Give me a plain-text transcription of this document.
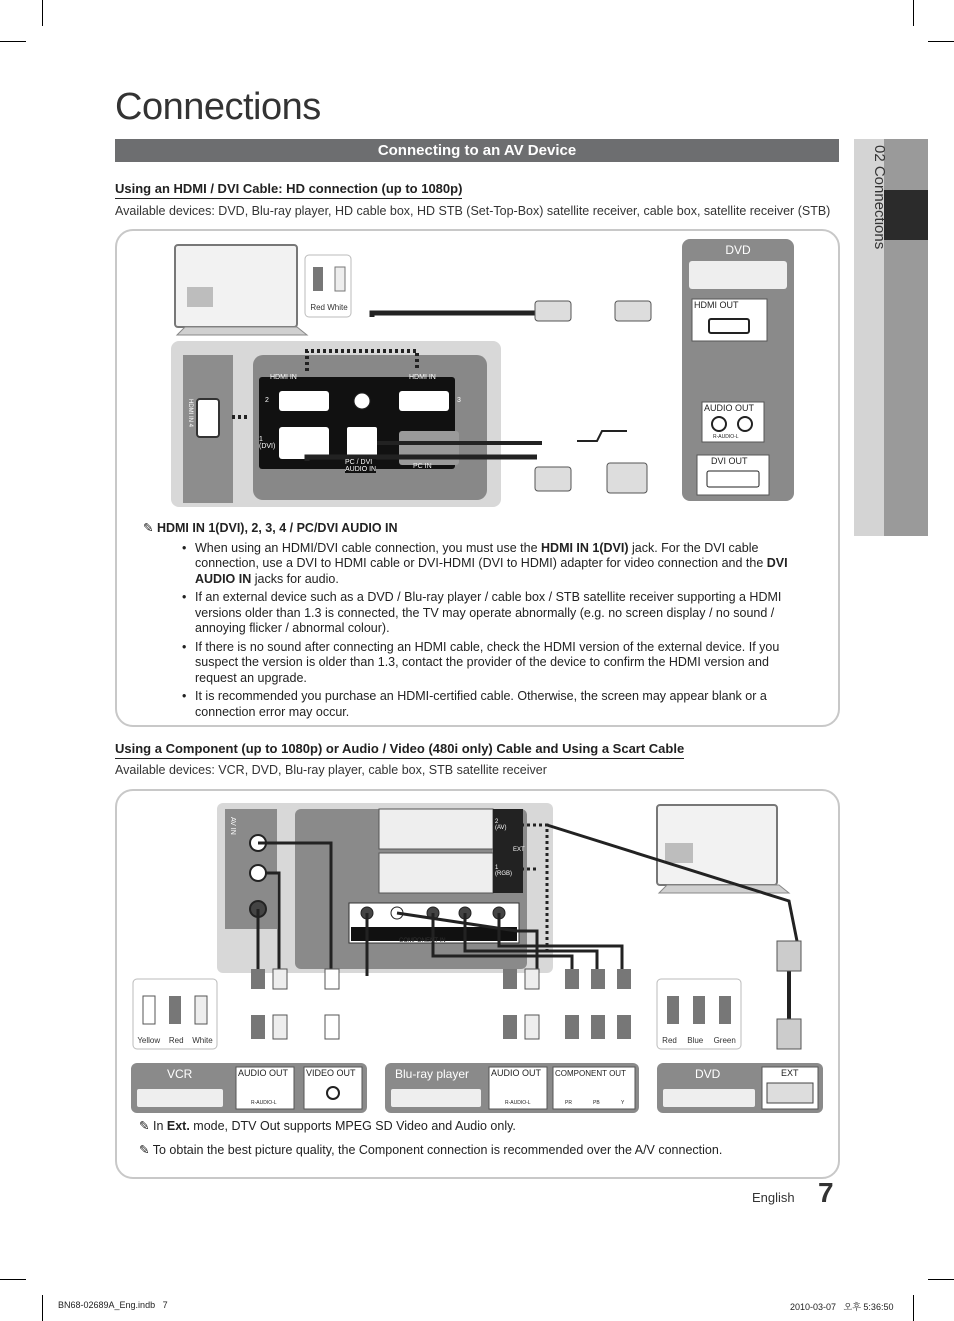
Connections
Connecting to an AV Device	02 Connections
Using an HDMI / DVI Cable: HD connection (up to 1080p)
Available devices: DVD, Blu-ray player, HD cable box, HD STB (Set-Top-Box) satellite receiver, cable box, satellite receiver (STB)
Red White
HDMI IN	HDMI IN
2	3
1
(DVI)
PC / DVI
AUDIO IN	PC IN
HDMI IN 4
DVD
HDMI OUT
AUDIO OUT
R-AUDIO-L
DVI OUT
✎ HDMI IN 1(DVI), 2, 3, 4 / PC/DVI AUDIO IN
• When using an HDMI/DVI cable connection, you must use the HDMI IN 1(DVI) jack. For the DVI cable connection, use a DVI to HDMI cable or DVI-HDMI (DVI to HDMI) adapter for video connection and the DVI AUDIO IN jacks for audio.
• If an external device such as a DVD / Blu-ray player / cable box / STB satellite receiver supporting a HDMI versions older than 1.3 is connected, the TV may operate abnormally (e.g. no screen display / no sound / annoying flicker / abnormal colour).
• If there is no sound after connecting an HDMI cable, check the HDMI version of the external device. If you suspect the version is older than 1.3, contact the provider of the device to confirm the HDMI version and request an upgrade.
• It is recommended you purchase an HDMI-certified cable. Otherwise, the screen may appear blank or a connection error may occur.
Using a Component (up to 1080p) or Audio / Video (480i only) Cable and Using a Scart Cable
Available devices: VCR, DVD, Blu-ray player, cable box, STB satellite receiver
AV IN	2
(AV)
EXT
1
(RGB)
COMPONENT IN
Yellow Red White	Red Blue Green
VCR	AUDIO OUT
R-AUDIO-L
VIDEO OUT	Blu-ray player AUDIO OUT
R-AUDIO-L
COMPONENT OUT
PR	PB	Y
DVD	EXT
✎ In Ext. mode, DTV Out supports MPEG SD Video and Audio only.
✎ To obtain the best picture quality, the Component connection is recommended over the A/V connection.
English 7
BN68-02689A_Eng.indb   7	2010-03-07   오후 5:36:50
